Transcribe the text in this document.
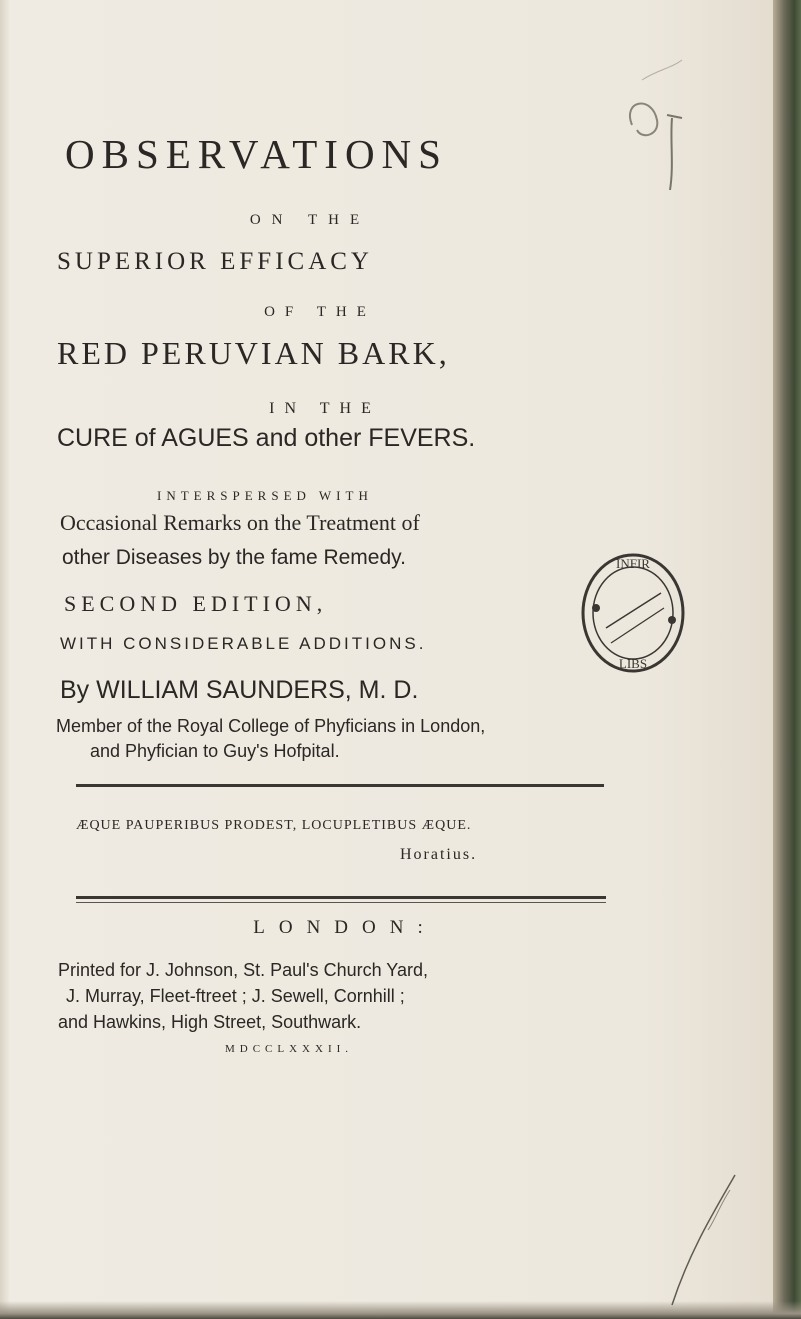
OBSERVATIONS
ON THE
SUPERIOR EFFICACY
OF THE
RED PERUVIAN BARK,
IN THE
CURE of AGUES and other FEVERS.
INTERSPERSED WITH
Occasional Remarks on the Treatment of
other Diseases by the fame Remedy.
SECOND EDITION,
WITH CONSIDERABLE ADDITIONS.
INFIR
LIBS
By WILLIAM SAUNDERS, M. D.
Member of the Royal College of Phyficians in London,
and Phyfician to Guy's Hofpital.
ÆQUE PAUPERIBUS PRODEST, LOCUPLETIBUS ÆQUE.
Horatius.
LONDON:
Printed for J. Johnson, St. Paul's Church Yard,
J. Murray, Fleet-ftreet ; J. Sewell, Cornhill ;
and Hawkins, High Street, Southwark.
MDCCLXXXII.
